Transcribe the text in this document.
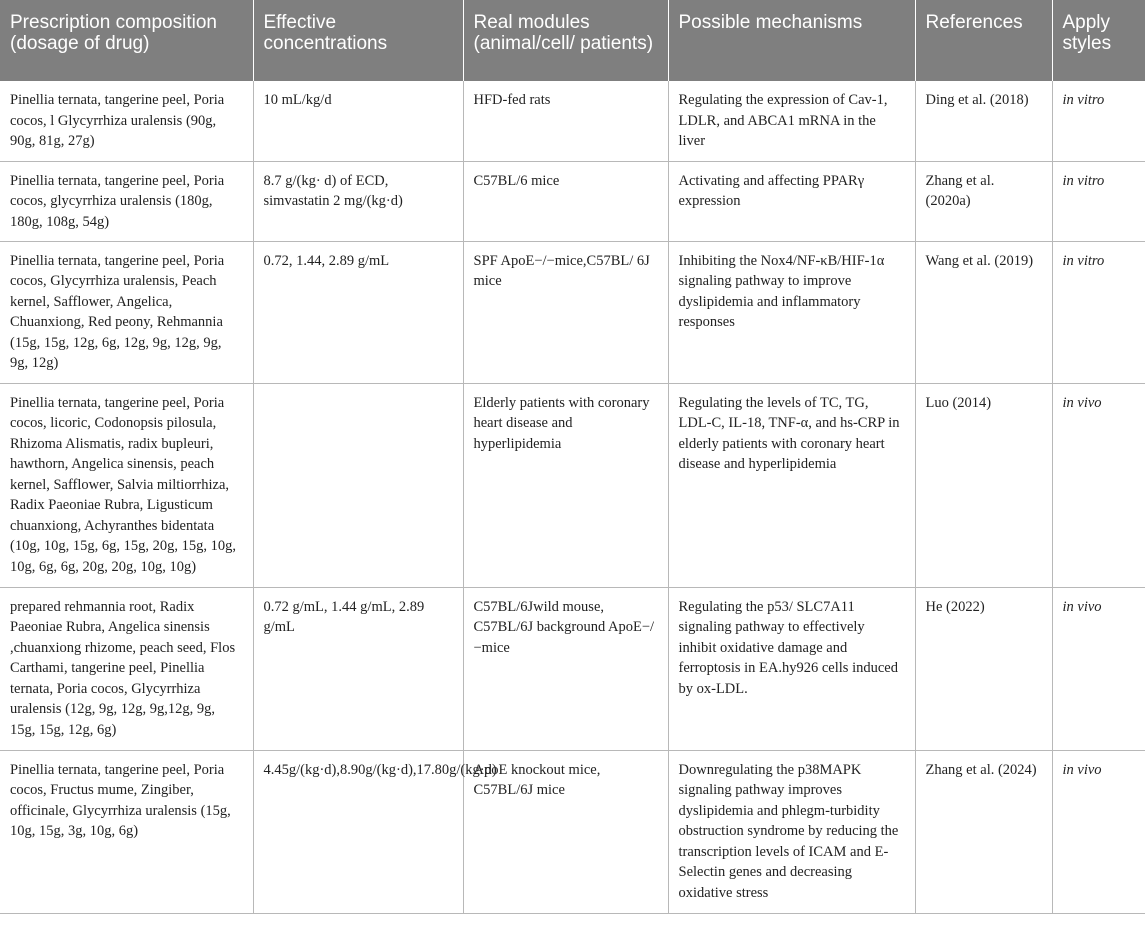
Prescription composition (dosage of drug)	Effective concentrations	Real modules (animal/cell/ patients)	Possible mechanisms	References	Apply styles
Pinellia ternata, tangerine peel, Poria cocos, l Glycyrrhiza uralensis (90g, 90g, 81g, 27g)	10 mL/kg/d	HFD-fed rats	Regulating the expression of Cav-1, LDLR, and ABCA1 mRNA in the liver	Ding et al. (2018)	in vitro
Pinellia ternata, tangerine peel, Poria cocos, glycyrrhiza uralensis (180g, 180g, 108g, 54g)	8.7 g/(kg· d) of ECD, simvastatin 2 mg/(kg·d)	C57BL/6 mice	Activating and affecting PPARγ expression	Zhang et al. (2020a)	in vitro
Pinellia ternata, tangerine peel, Poria cocos, Glycyrrhiza uralensis, Peach kernel, Safflower, Angelica, Chuanxiong, Red peony, Rehmannia (15g, 15g, 12g, 6g, 12g, 9g, 12g, 9g, 9g, 12g)	0.72, 1.44, 2.89 g/mL	SPF ApoE−/−mice,C57BL/ 6J mice	Inhibiting the Nox4/NF-κB/HIF-1α signaling pathway to improve dyslipidemia and inflammatory responses	Wang et al. (2019)	in vitro
Pinellia ternata, tangerine peel, Poria cocos, licoric, Codonopsis pilosula, Rhizoma Alismatis, radix bupleuri, hawthorn, Angelica sinensis, peach kernel, Safflower, Salvia miltiorrhiza, Radix Paeoniae Rubra, Ligusticum chuanxiong, Achyranthes bidentata (10g, 10g, 15g, 6g, 15g, 20g, 15g, 10g, 10g, 6g, 6g, 20g, 20g, 10g, 10g)		Elderly patients with coronary heart disease and hyperlipidemia	Regulating the levels of TC, TG, LDL-C, IL-18, TNF-α, and hs-CRP in elderly patients with coronary heart disease and hyperlipidemia	Luo (2014)	in vivo
prepared rehmannia root, Radix Paeoniae Rubra, Angelica sinensis ,chuanxiong rhizome, peach seed, Flos Carthami, tangerine peel, Pinellia ternata, Poria cocos, Glycyrrhiza uralensis (12g, 9g, 12g, 9g,12g, 9g, 15g, 15g, 12g, 6g)	0.72 g/mL, 1.44 g/mL, 2.89 g/mL	C57BL/6Jwild mouse, C57BL/6J background ApoE−/−mice	Regulating the p53/ SLC7A11 signaling pathway to effectively inhibit oxidative damage and ferroptosis in EA.hy926 cells induced by ox-LDL.	He (2022)	in vivo
Pinellia ternata, tangerine peel, Poria cocos, Fructus mume, Zingiber, officinale, Glycyrrhiza uralensis (15g, 10g, 15g, 3g, 10g, 6g)	4.45g/(kg·d),8.90g/(kg·d),17.80g/(kg·d)	ApoE knockout mice, C57BL/6J mice	Downregulating the p38MAPK signaling pathway improves dyslipidemia and phlegm-turbidity obstruction syndrome by reducing the transcription levels of ICAM and E-Selectin genes and decreasing oxidative stress	Zhang et al. (2024)	in vivo
